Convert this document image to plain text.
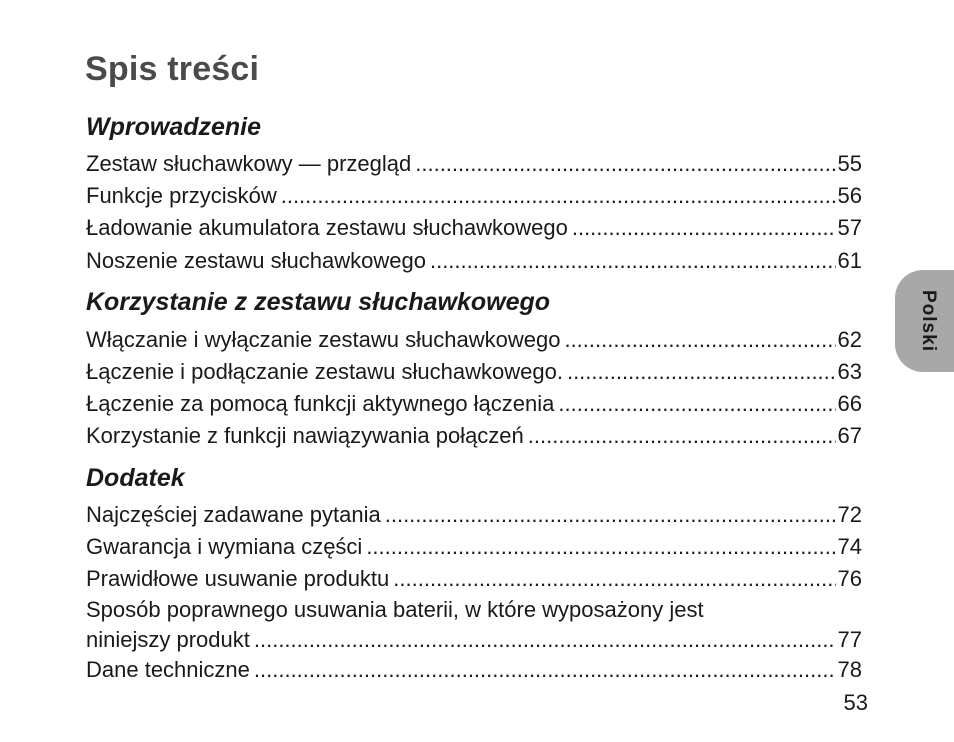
Spis treści
Wprowadzenie
Zestaw słuchawkowy — przegląd .....	55
Funkcje przycisków .....	56
Ładowanie akumulatora zestawu słuchawkowego .....	57
Noszenie zestawu słuchawkowego .....	61
Korzystanie z zestawu słuchawkowego
Włączanie i wyłączanie zestawu słuchawkowego .....	62
Łączenie i podłączanie zestawu słuchawkowego. .....	63
Łączenie za pomocą funkcji aktywnego łączenia .....	66
Korzystanie z funkcji nawiązywania połączeń .....	67
Dodatek
Najczęściej zadawane pytania .....	72
Gwarancja i wymiana części .....	74
Prawidłowe usuwanie produktu .....	76
Sposób poprawnego usuwania baterii, w które wyposażony jest
niniejszy produkt .....	77
Dane techniczne .....	78
Polski
53
